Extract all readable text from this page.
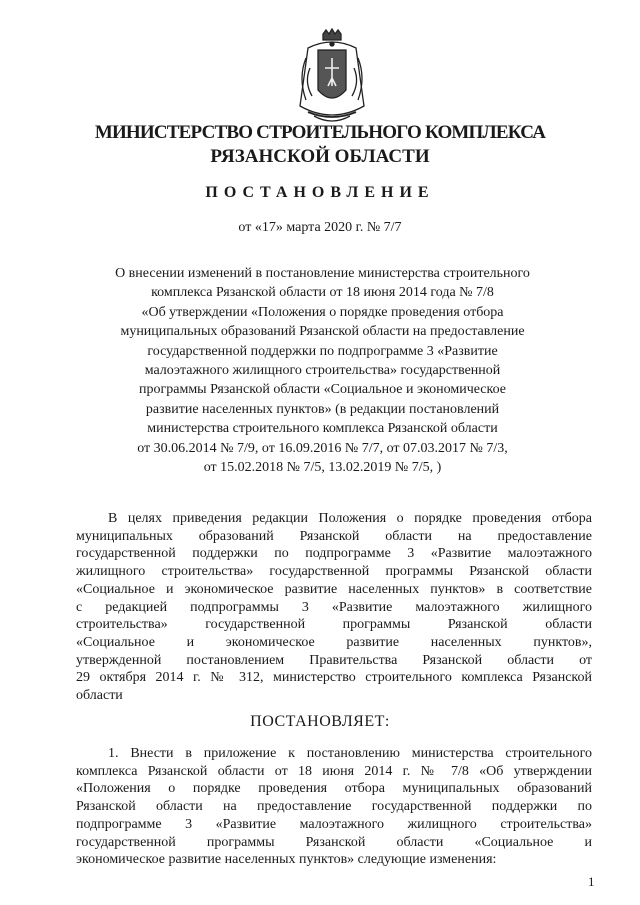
МИНИСТЕРСТВО СТРОИТЕЛЬНОГО КОМПЛЕКСА
РЯЗАНСКОЙ ОБЛАСТИ
ПОСТАНОВЛЕНИЕ
от «17» марта 2020 г. № 7/7
О внесении изменений в постановление министерства строительного
комплекса Рязанской области от 18 июня 2014 года № 7/8
«Об утверждении «Положения о порядке проведения отбора
муниципальных образований Рязанской области на предоставление
государственной поддержки по подпрограмме 3 «Развитие
малоэтажного жилищного строительства» государственной
программы Рязанской области «Социальное и экономическое
развитие населенных пунктов» (в редакции постановлений
министерства строительного комплекса Рязанской области
от 30.06.2014 № 7/9, от 16.09.2016 № 7/7, от 07.03.2017 № 7/3,
от 15.02.2018 № 7/5, 13.02.2019 № 7/5, )
В целях приведения редакции Положения о порядке проведения отбора
муниципальных образований Рязанской области на предоставление
государственной поддержки по подпрограмме 3 «Развитие малоэтажного
жилищного строительства» государственной программы Рязанской области
«Социальное и экономическое развитие населенных пунктов» в соответствие
с редакцией подпрограммы 3 «Развитие малоэтажного жилищного
строительства» государственной программы Рязанской области
«Социальное и экономическое развитие населенных пунктов»,
утвержденной постановлением Правительства Рязанской области от
29 октября 2014 г. № 312, министерство строительного комплекса Рязанской
области
ПОСТАНОВЛЯЕТ:
1. Внести в приложение к постановлению министерства строительного
комплекса Рязанской области от 18 июня 2014 г. № 7/8 «Об утверждении
«Положения о порядке проведения отбора муниципальных образований
Рязанской области на предоставление государственной поддержки по
подпрограмме 3 «Развитие малоэтажного жилищного строительства»
государственной программы Рязанской области «Социальное и
экономическое развитие населенных пунктов» следующие изменения:
1
